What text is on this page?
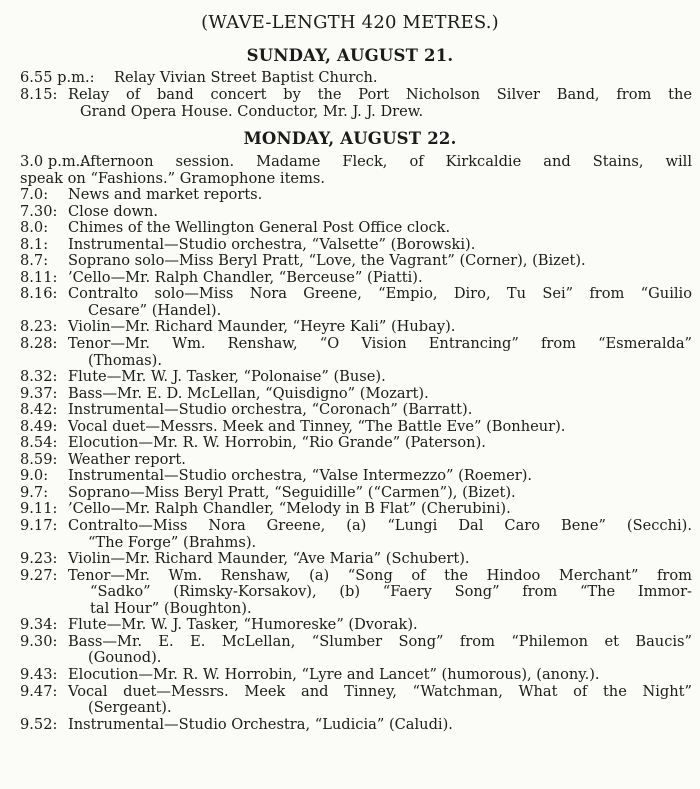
(WAVE-LENGTH 420 METRES.)
SUNDAY, AUGUST 21.
6.55 p.m.: Relay Vivian Street Baptist Church.
8.15: Relay of band concert by the Port Nicholson Silver Band, from the
Grand Opera House. Conductor, Mr. J. J. Drew.
MONDAY, AUGUST 22.
3.0 p.m.:
Afternoon session. Madame Fleck, of Kirkcaldie and Stains, will
speak on “Fashions.” Gramophone items.
7.0: News and market reports.
7.30: Close down.
8.0: Chimes of the Wellington General Post Office clock.
8.1: Instrumental—Studio orchestra, “Valsette” (Borowski).
8.7: Soprano solo—Miss Beryl Pratt, “Love, the Vagrant” (Corner), (Bizet).
8.11: ’Cello—Mr. Ralph Chandler, “Berceuse” (Piatti).
8.16: Contralto solo—Miss Nora Greene, “Empio, Diro, Tu Sei” from “Guilio
Cesare” (Handel).
8.23: Violin—Mr. Richard Maunder, “Heyre Kali” (Hubay).
8.28: Tenor—Mr. Wm. Renshaw, “O Vision Entrancing” from “Esmeralda”
(Thomas).
8.32: Flute—Mr. W. J. Tasker, “Polonaise” (Buse).
9.37: Bass—Mr. E. D. McLellan, “Quisdigno” (Mozart).
8.42: Instrumental—Studio orchestra, “Coronach” (Barratt).
8.49: Vocal duet—Messrs. Meek and Tinney, “The Battle Eve” (Bonheur).
8.54: Elocution—Mr. R. W. Horrobin, “Rio Grande” (Paterson).
8.59: Weather report.
9.0: Instrumental—Studio orchestra, “Valse Intermezzo” (Roemer).
9.7: Soprano—Miss Beryl Pratt, “Seguidille” (“Carmen”), (Bizet).
9.11: ’Cello—Mr. Ralph Chandler, “Melody in B Flat” (Cherubini).
9.17: Contralto—Miss Nora Greene, (a) “Lungi Dal Caro Bene” (Secchi).
“The Forge” (Brahms).
9.23: Violin—Mr. Richard Maunder, “Ave Maria” (Schubert).
9.27: Tenor—Mr. Wm. Renshaw, (a) “Song of the Hindoo Merchant” from
“Sadko” (Rimsky-Korsakov), (b) “Faery Song” from “The Immor-
tal Hour” (Boughton).
9.34: Flute—Mr. W. J. Tasker, “Humoreske” (Dvorak).
9.30: Bass—Mr. E. E. McLellan, “Slumber Song” from “Philemon et Baucis”
(Gounod).
9.43: Elocution—Mr. R. W. Horrobin, “Lyre and Lancet” (humorous), (anony.).
9.47: Vocal duet—Messrs. Meek and Tinney, “Watchman, What of the Night”
(Sergeant).
9.52: Instrumental—Studio Orchestra, “Ludicia” (Caludi).
